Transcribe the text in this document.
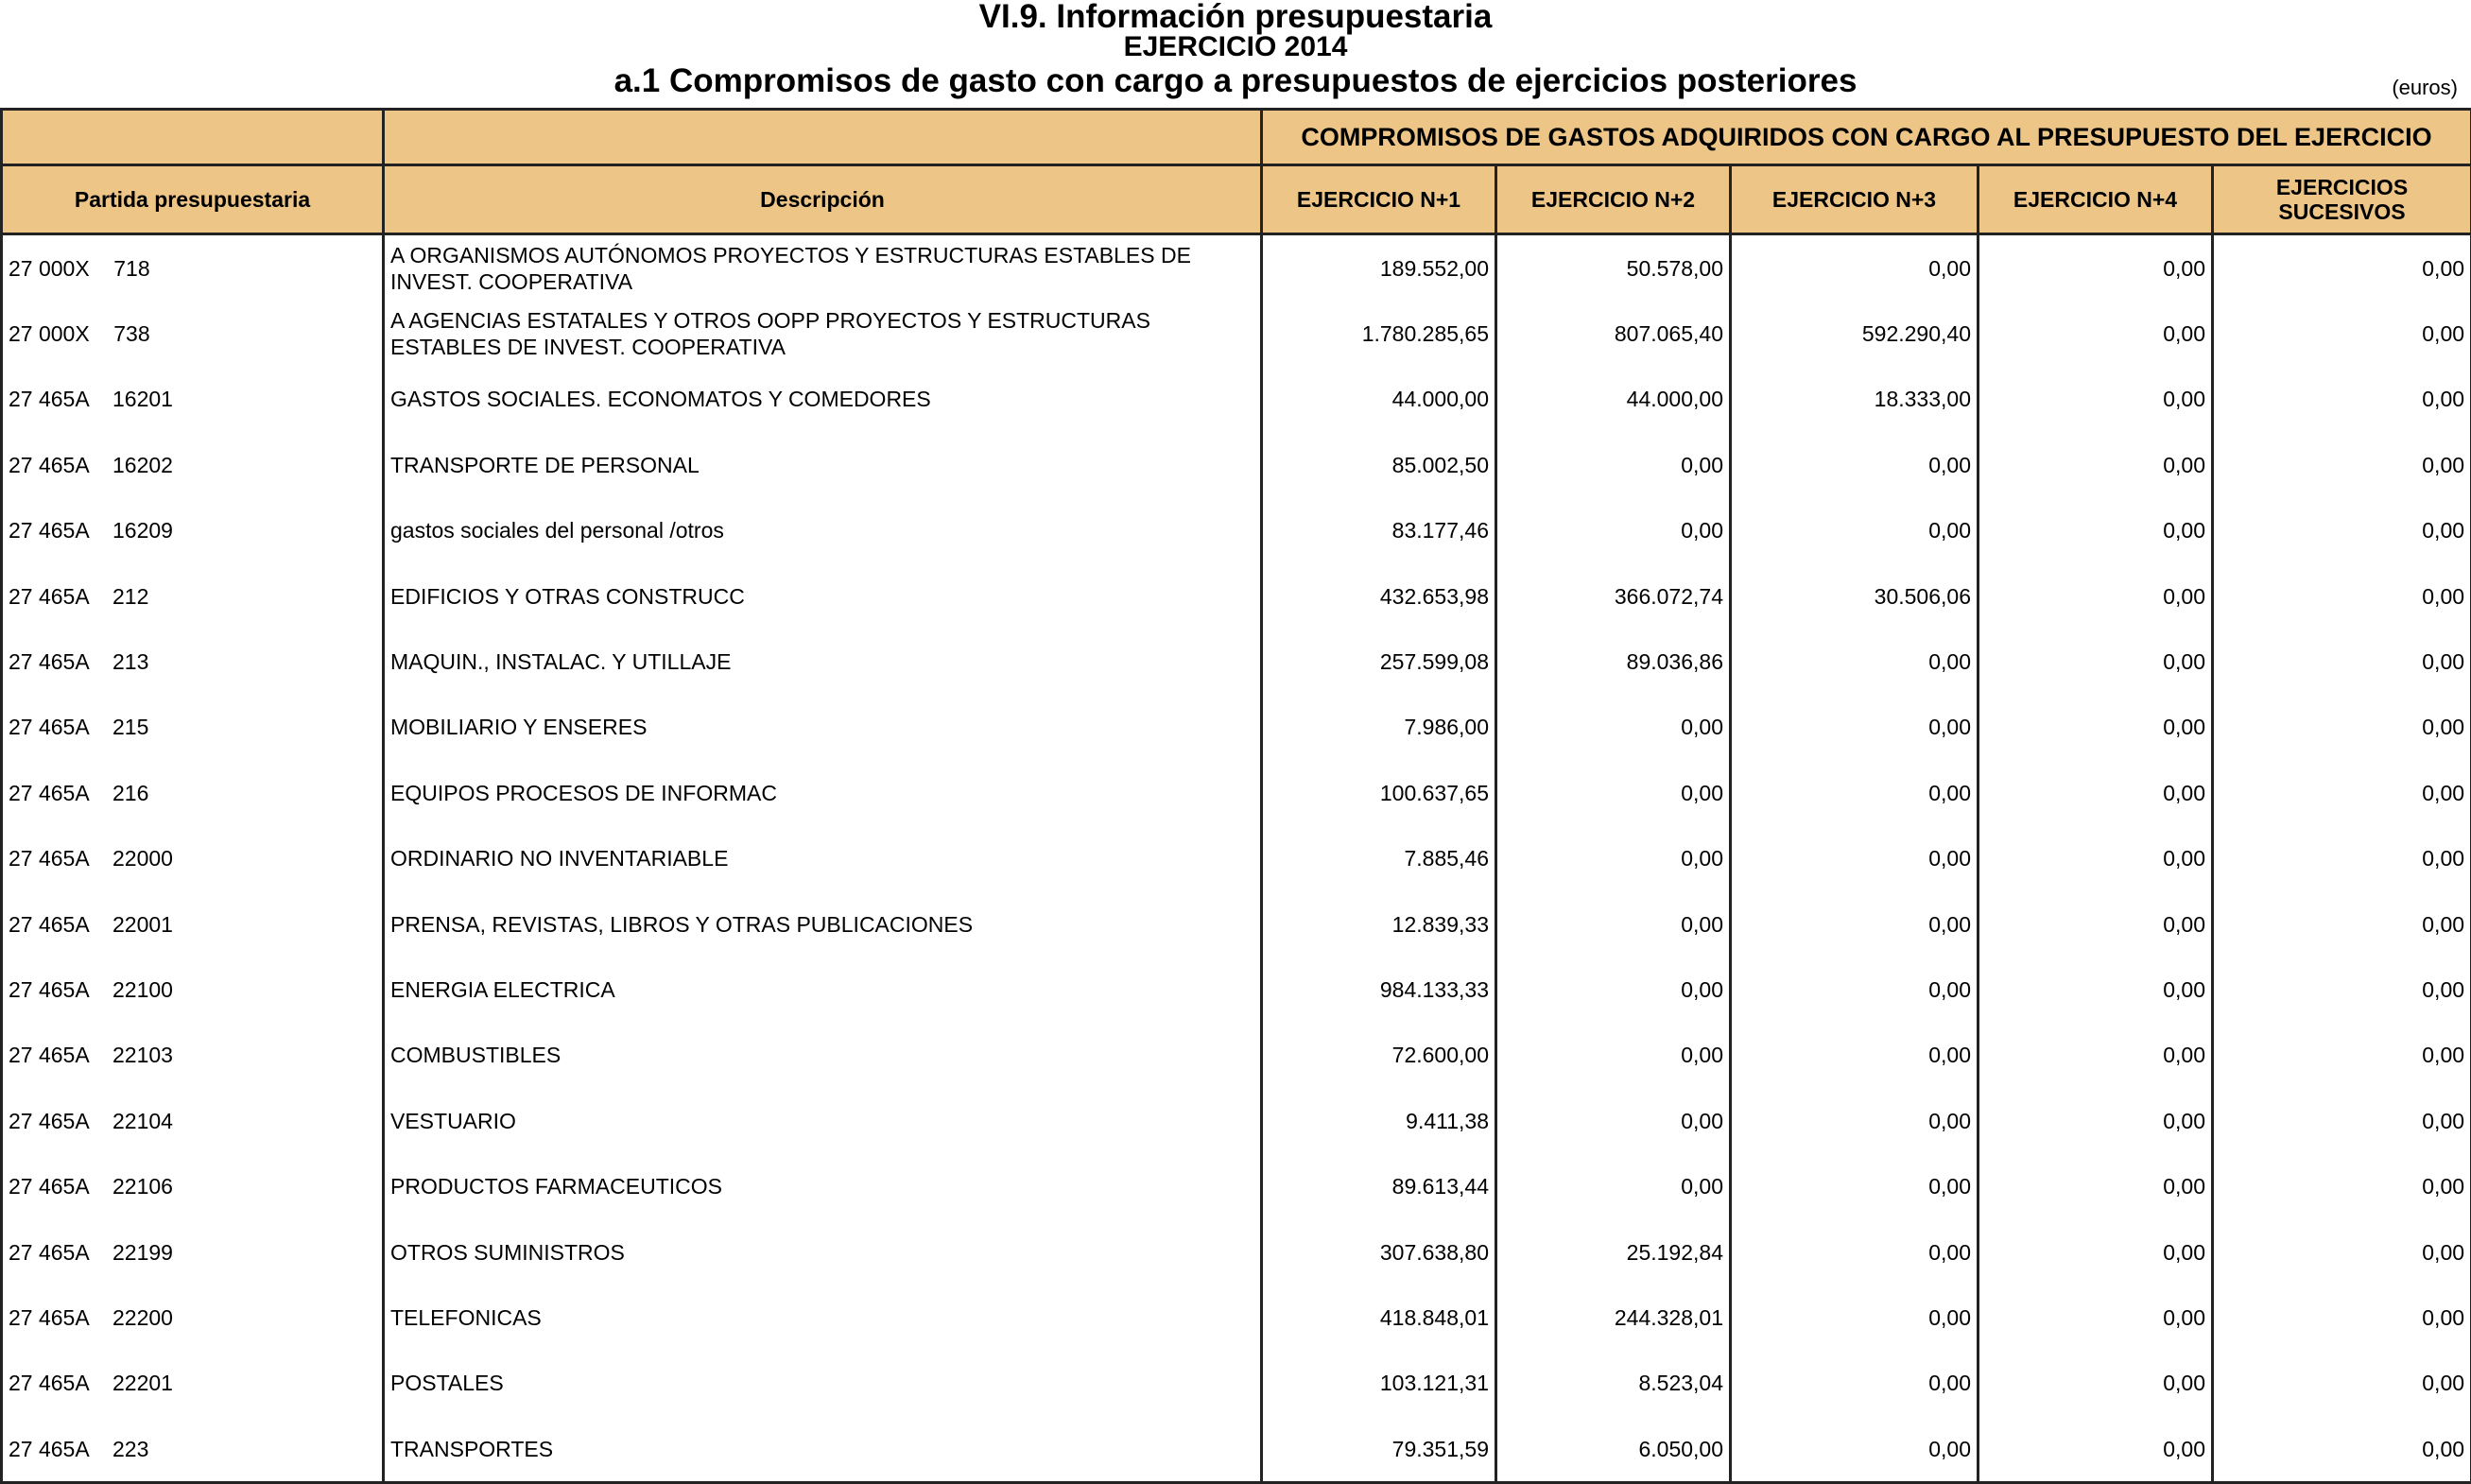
VI.9. Información presupuestaria
EJERCICIO 2014
a.1 Compromisos de gasto con cargo a presupuestos de ejercicios posteriores	(euros)
		COMPROMISOS DE GASTOS ADQUIRIDOS CON CARGO AL PRESUPUESTO DEL EJERCICIO				
Partida presupuestaria	Descripción	EJERCICIO N+1	EJERCICIO N+2	EJERCICIO N+3	EJERCICIO N+4	EJERCICIOS SUCESIVOS
27 000X    718	A ORGANISMOS AUTÓNOMOS PROYECTOS Y ESTRUCTURAS ESTABLES DE INVEST. COOPERATIVA	189.552,00	50.578,00	0,00	0,00	0,00
27 000X    738	A AGENCIAS ESTATALES Y OTROS OOPP PROYECTOS Y ESTRUCTURAS ESTABLES DE INVEST. COOPERATIVA	1.780.285,65	807.065,40	592.290,40	0,00	0,00
27 465A    16201	GASTOS SOCIALES. ECONOMATOS Y COMEDORES	44.000,00	44.000,00	18.333,00	0,00	0,00
27 465A    16202	TRANSPORTE DE PERSONAL	85.002,50	0,00	0,00	0,00	0,00
27 465A    16209	gastos sociales del personal /otros	83.177,46	0,00	0,00	0,00	0,00
27 465A    212	EDIFICIOS Y OTRAS CONSTRUCC	432.653,98	366.072,74	30.506,06	0,00	0,00
27 465A    213	MAQUIN., INSTALAC. Y UTILLAJE	257.599,08	89.036,86	0,00	0,00	0,00
27 465A    215	MOBILIARIO Y ENSERES	7.986,00	0,00	0,00	0,00	0,00
27 465A    216	EQUIPOS PROCESOS DE INFORMAC	100.637,65	0,00	0,00	0,00	0,00
27 465A    22000	ORDINARIO NO INVENTARIABLE	7.885,46	0,00	0,00	0,00	0,00
27 465A    22001	PRENSA, REVISTAS, LIBROS Y OTRAS PUBLICACIONES	12.839,33	0,00	0,00	0,00	0,00
27 465A    22100	ENERGIA ELECTRICA	984.133,33	0,00	0,00	0,00	0,00
27 465A    22103	COMBUSTIBLES	72.600,00	0,00	0,00	0,00	0,00
27 465A    22104	VESTUARIO	9.411,38	0,00	0,00	0,00	0,00
27 465A    22106	PRODUCTOS FARMACEUTICOS	89.613,44	0,00	0,00	0,00	0,00
27 465A    22199	OTROS SUMINISTROS	307.638,80	25.192,84	0,00	0,00	0,00
27 465A    22200	TELEFONICAS	418.848,01	244.328,01	0,00	0,00	0,00
27 465A    22201	POSTALES	103.121,31	8.523,04	0,00	0,00	0,00
27 465A    223	TRANSPORTES	79.351,59	6.050,00	0,00	0,00	0,00
